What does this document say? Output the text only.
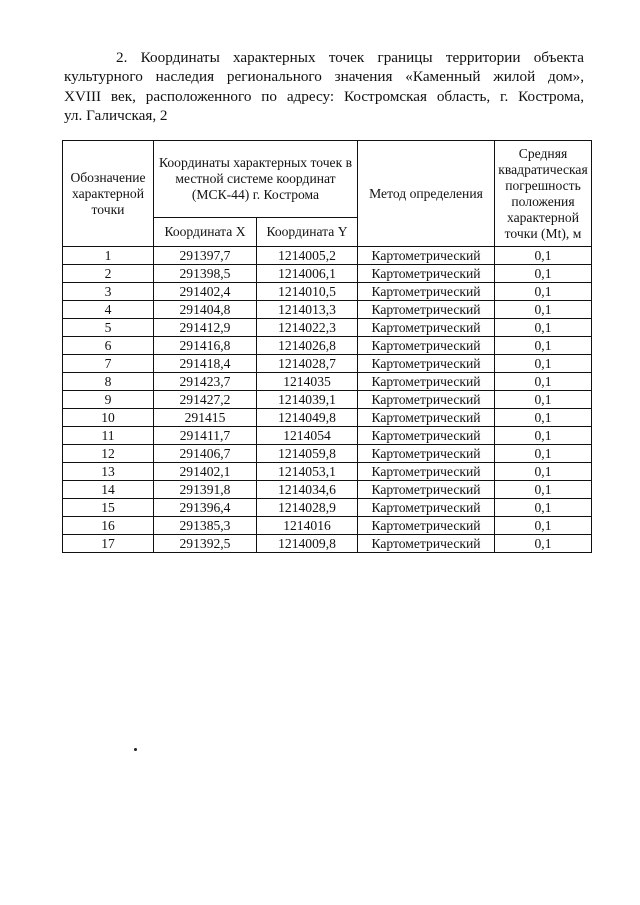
2. Координаты характерных точек границы территории объекта
культурного наследия регионального значения «Каменный жилой дом»,
XVIII век, расположенного по адресу: Костромская область, г. Кострома,
ул. Галичская, 2
Обозначение характерной точки	Координаты характерных точек в местной системе координат (МСК-44) г. Кострома		Метод определения	Средняя квадратическая погрешность положения характерной точки (Mt), м
	Координата X	Координата Y		
1	291397,7	1214005,2	Картометрический	0,1
2	291398,5	1214006,1	Картометрический	0,1
3	291402,4	1214010,5	Картометрический	0,1
4	291404,8	1214013,3	Картометрический	0,1
5	291412,9	1214022,3	Картометрический	0,1
6	291416,8	1214026,8	Картометрический	0,1
7	291418,4	1214028,7	Картометрический	0,1
8	291423,7	1214035	Картометрический	0,1
9	291427,2	1214039,1	Картометрический	0,1
10	291415	1214049,8	Картометрический	0,1
11	291411,7	1214054	Картометрический	0,1
12	291406,7	1214059,8	Картометрический	0,1
13	291402,1	1214053,1	Картометрический	0,1
14	291391,8	1214034,6	Картометрический	0,1
15	291396,4	1214028,9	Картометрический	0,1
16	291385,3	1214016	Картометрический	0,1
17	291392,5	1214009,8	Картометрический	0,1
